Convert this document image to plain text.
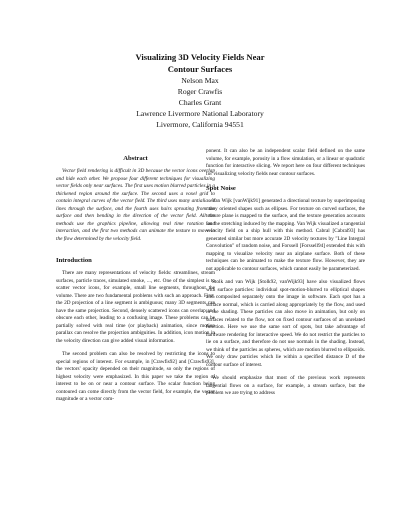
Visualizing 3D Velocity Fields Near
Contour Surfaces
Nelson Max
Roger Crawfis
Charles Grant
Lawrence Livermore National Laboratory
Livermore, California 94551
Abstract

Vector field rendering is difficult in 3D because the vector icons overlap and hide each other. We propose four different techniques for visualizing vector fields only near surfaces. The first uses motion blurred particles in a thickened region around the surface. The second uses a voxel grid to contain integral curves of the vector field. The third uses many antialiased lines through the surface, and the fourth uses hairs sprouting from the surface and then bending in the direction of the vector field. All the methods use the graphics pipeline, allowing real time rotation and interaction, and the first two methods can animate the texture to move in the flow determined by the velocity field.

Introduction

There are many representations of velocity fields: streamlines, stream surfaces, particle traces, simulated smoke, ..., etc. One of the simplest is to scatter vector icons, for example, small line segments, throughout the volume. There are two fundamental problems with such an approach. First, the 2D projection of a line segment is ambiguous; many 3D segments can have the same projection. Second, densely scattered icons can overlap and obscure each other, leading to a confusing image. These problems can be partially solved with real time (or playback) animation, since motion parallax can resolve the projection ambiguities. In addition, icon motion in the velocity direction can give added visual information.

The second problem can also be resolved by restricting the icons to special regions of interest. For example, in [Crawfis92] and [Crawfis93], the vectors' opacity depended on their magnitude, so only the regions of highest velocity were emphasized. In this paper we take the region of interest to be on or near a contour surface. The scalar function being contoured can come directly from the vector field, for example, the vector magnitude or a vector com-

ponent. It can also be an independent scalar field defined on the same volume, for example, porosity in a flow simulation, or a linear or quadratic function for interactive slicing. We report here on four different techniques for visualizing velocity fields near contour surfaces.

Spot Noise

Van Wijk [vanWijk91] generated a directional texture by superimposing many oriented shapes such as ellipses. For texture on curved surfaces, the texture plane is mapped to the surface, and the texture generation accounts for the stretching induced by the mapping. Van Wijk visualized a tangential velocity field on a ship hull with this method. Cabral [Cabral93] has generated similar but more accurate 2D velocity textures by "Line Integral Convolution" of random noise, and Forssell [Forssell94] extended this with mapping to visualize velocity near an airplane surface. Both of these techniques can be animated to make the texture flow. However, they are not applicable to contour surfaces, which cannot easily be parameterized.

Stolk and van Wijk [Stolk92, vanWijk93] have also visualized flows with surface particles: individual spot-motion-blurred to elliptical shapes and composited separately onto the image in software. Each spot has a surface normal, which is carried along appropriately by the flow, and used in the shading. These particles can also move in animation, but only on surfaces related to the flow, not on fixed contour surfaces of an unrelated function. Here we use the same sort of spots, but take advantage of hardware rendering for interactive speed. We do not restrict the particles to lie on a surface, and therefore do not use normals in the shading. Instead, we think of the particles as spheres, which are motion blurred to ellipsoids. We only draw particles which lie within a specified distance D of the contour surface of interest.

We should emphasize that most of the previous work represents tangential flows on a surface, for example, a stream surface, but the problem we are trying to address
